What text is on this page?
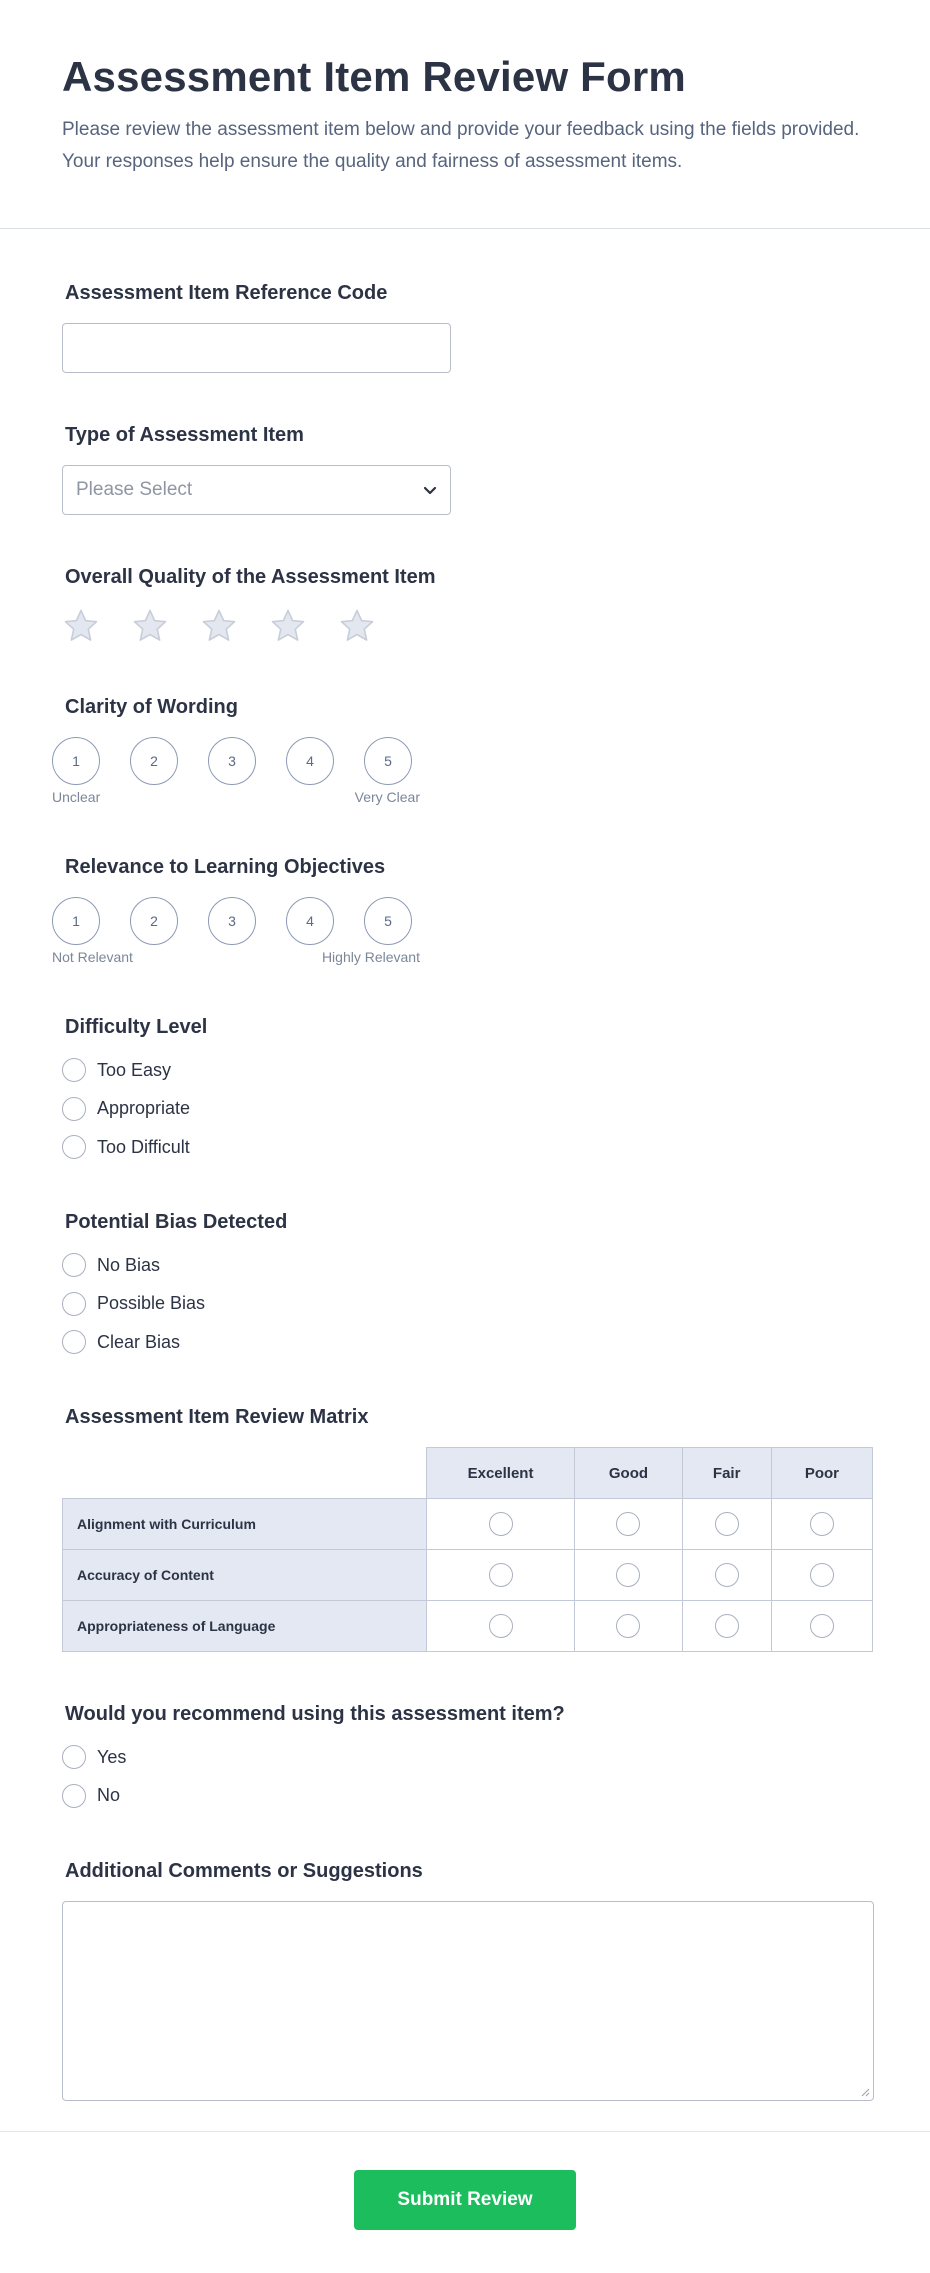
Assessment Item Review Form

Please review the assessment item below and provide your feedback using the fields provided. Your responses help ensure the quality and fairness of assessment items.

Assessment Item Reference Code
Type of Assessment Item
Please Select
Overall Quality of the Assessment Item
Clarity of Wording
1	2	3	4	5
Unclear	Very Clear
Relevance to Learning Objectives
1	2	3	4	5
Not Relevant	Highly Relevant
Difficulty Level
Too Easy
Appropriate
Too Difficult
Potential Bias Detected
No Bias
Possible Bias
Clear Bias
Assessment Item Review Matrix
	Excellent	Good	Fair	Poor
Alignment with Curriculum				
Accuracy of Content				
Appropriateness of Language				
Would you recommend using this assessment item?
Yes
No
Additional Comments or Suggestions
Submit Review
